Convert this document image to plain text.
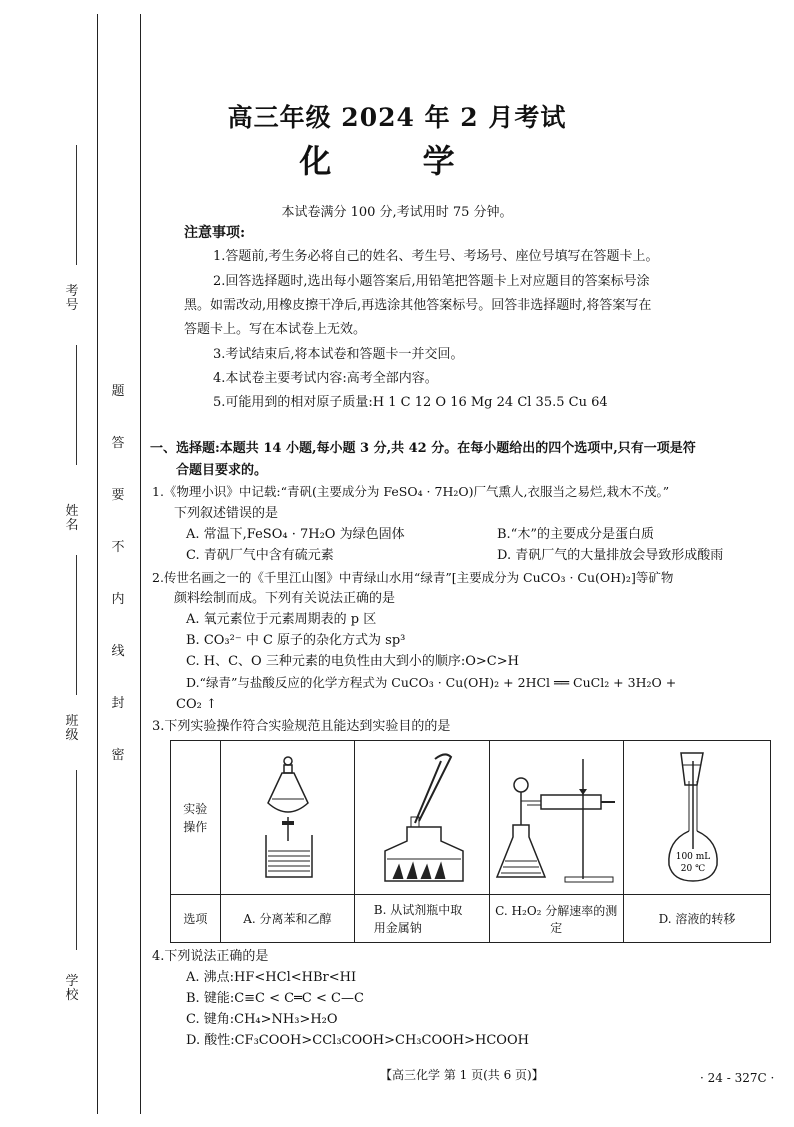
考号
姓名
班级
学校
题
答
要
不
内
线
封
密
高三年级 2024 年 2 月考试
化 学
本试卷满分 100 分,考试用时 75 分钟。
注意事项:
1.答题前,考生务必将自己的姓名、考生号、考场号、座位号填写在答题卡上。
2.回答选择题时,选出每小题答案后,用铅笔把答题卡上对应题目的答案标号涂
黑。如需改动,用橡皮擦干净后,再选涂其他答案标号。回答非选择题时,将答案写在
答题卡上。写在本试卷上无效。
3.考试结束后,将本试卷和答题卡一并交回。
4.本试卷主要考试内容:高考全部内容。
5.可能用到的相对原子质量:H 1 C 12 O 16 Mg 24 Cl 35.5 Cu 64
一、选择题:本题共 14 小题,每小题 3 分,共 42 分。在每小题给出的四个选项中,只有一项是符
合题目要求的。
1.《物理小识》中记载:“青矾(主要成分为 FeSO₄ · 7H₂O)厂气熏人,衣服当之易烂,栽木不茂。”
下列叙述错误的是
A. 常温下,FeSO₄ · 7H₂O 为绿色固体	B.“木”的主要成分是蛋白质
C. 青矾厂气中含有硫元素	D. 青矾厂气的大量排放会导致形成酸雨
2.传世名画之一的《千里江山图》中青绿山水用“绿青”[主要成分为 CuCO₃ · Cu(OH)₂]等矿物
颜料绘制而成。下列有关说法正确的是
A. 氧元素位于元素周期表的 p 区
B. CO₃²⁻ 中 C 原子的杂化方式为 sp³
C. H、C、O 三种元素的电负性由大到小的顺序:O>C>H
D.“绿青”与盐酸反应的化学方程式为 CuCO₃ · Cu(OH)₂ + 2HCl ══ CuCl₂ + 3H₂O +
CO₂ ↑
3.下列实验操作符合实验规范且能达到实验目的的是
实验操作				100 mL
20 ℃

选项	A. 分离苯和乙醇	B. 从试剂瓶中取用金属钠	C. H₂O₂ 分解速率的测定	D. 溶液的转移
4.下列说法正确的是
A. 沸点:HF<HCl<HBr<HI
B. 键能:C≡C < C═C < C—C
C. 键角:CH₄>NH₃>H₂O
D. 酸性:CF₃COOH>CCl₃COOH>CH₃COOH>HCOOH
【高三化学 第 1 页(共 6 页)】	· 24 - 327C ·
